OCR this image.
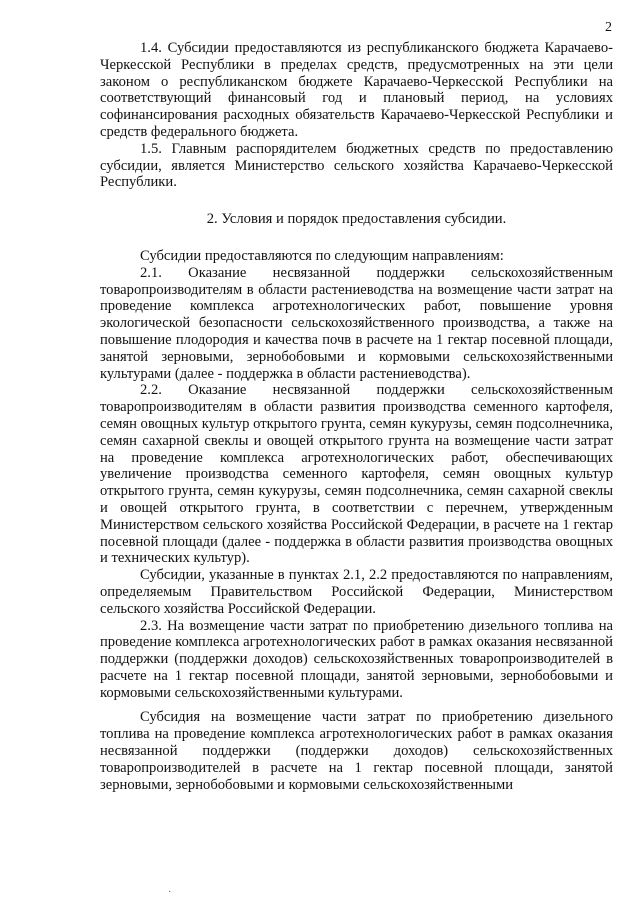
2

1.4. Субсидии предоставляются из республиканского бюджета Карачаево-Черкесской Республики в пределах средств, предусмотренных на эти цели законом о республиканском бюджете Карачаево-Черкесской Республики на соответствующий финансовый год и плановый период, на условиях софинансирования расходных обязательств Карачаево-Черкесской Республики и средств федерального бюджета.

1.5. Главным распорядителем бюджетных средств по предоставлению субсидии, является Министерство сельского хозяйства Карачаево-Черкесской Республики.

2. Условия и порядок предоставления субсидии.

Субсидии предоставляются по следующим направлениям:

2.1. Оказание несвязанной поддержки сельскохозяйственным товаропроизводителям в области растениеводства на возмещение части затрат на проведение комплекса агротехнологических работ, повышение уровня экологической безопасности сельскохозяйственного производства, а также на повышение плодородия и качества почв в расчете на 1 гектар посевной площади, занятой зерновыми, зернобобовыми и кормовыми сельскохозяйственными культурами (далее - поддержка в области растениеводства).

2.2. Оказание несвязанной поддержки сельскохозяйственным товаропроизводителям в области развития производства семенного картофеля, семян овощных культур открытого грунта, семян кукурузы, семян подсолнечника, семян сахарной свеклы и овощей открытого грунта на возмещение части затрат на проведение комплекса агротехнологических работ, обеспечивающих увеличение производства семенного картофеля, семян овощных культур открытого грунта, семян кукурузы, семян подсолнечника, семян сахарной свеклы и овощей открытого грунта, в соответствии с перечнем, утвержденным Министерством сельского хозяйства Российской Федерации, в расчете на 1 гектар посевной площади (далее - поддержка в области развития производства овощных и технических культур).

Субсидии, указанные в пунктах 2.1, 2.2 предоставляются по направлениям, определяемым Правительством Российской Федерации, Министерством сельского хозяйства Российской Федерации.

2.3. На возмещение части затрат по приобретению дизельного топлива на проведение комплекса агротехнологических работ в рамках оказания несвязанной поддержки (поддержки доходов) сельскохозяйственных товаропроизводителей в расчете на 1 гектар посевной площади, занятой зерновыми, зернобобовыми и кормовыми сельскохозяйственными культурами.

Субсидия на возмещение части затрат по приобретению дизельного топлива на проведение комплекса агротехнологических работ в рамках оказания несвязанной поддержки (поддержки доходов) сельскохозяйственных товаропроизводителей в расчете на 1 гектар посевной площади, занятой зерновыми, зернобобовыми и кормовыми сельскохозяйственными

·
